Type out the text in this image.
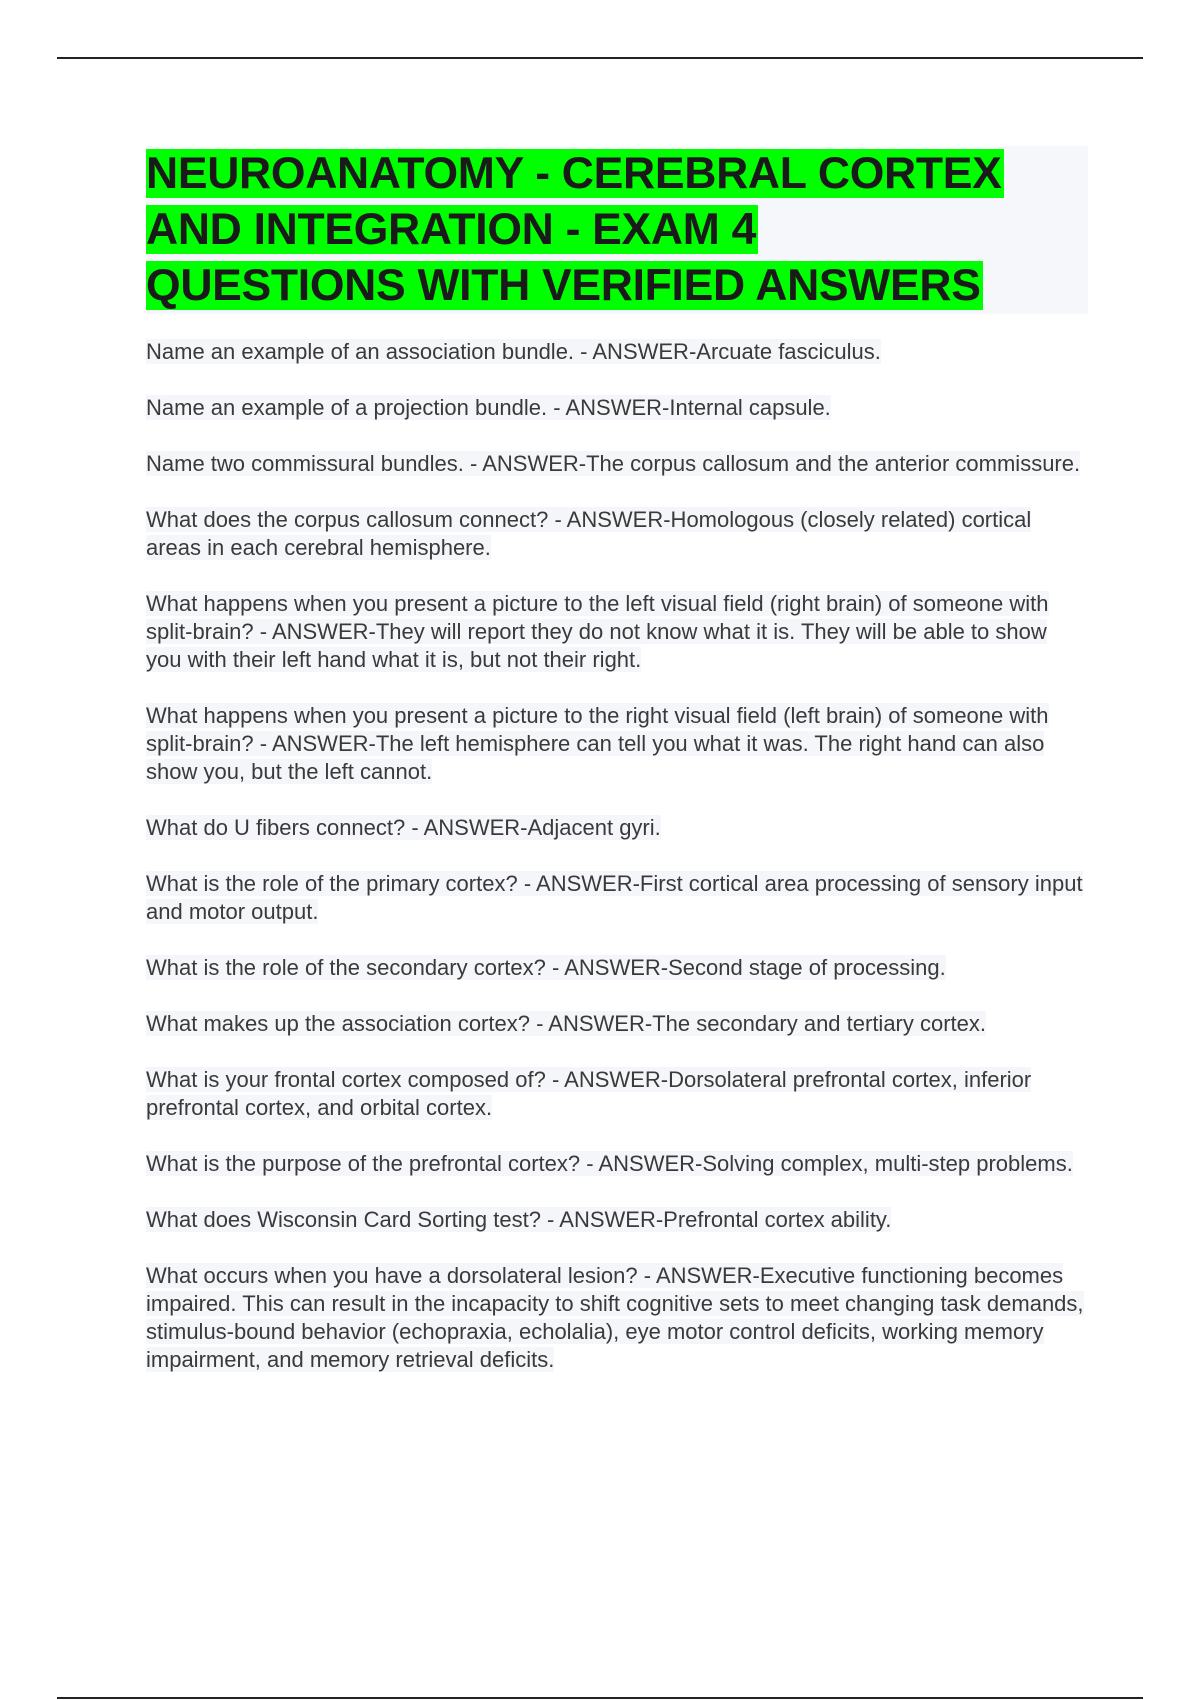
NEUROANATOMY - CEREBRAL CORTEX
AND INTEGRATION - EXAM 4
QUESTIONS WITH VERIFIED ANSWERS
Name an example of an association bundle. - ANSWER-Arcuate fasciculus.
Name an example of a projection bundle. - ANSWER-Internal capsule.
Name two commissural bundles. - ANSWER-The corpus callosum and the anterior commissure.
What does the corpus callosum connect? - ANSWER-Homologous (closely related) cortical areas in each cerebral hemisphere.
What happens when you present a picture to the left visual field (right brain) of someone with split-brain? - ANSWER-They will report they do not know what it is. They will be able to show you with their left hand what it is, but not their right.
What happens when you present a picture to the right visual field (left brain) of someone with split-brain? - ANSWER-The left hemisphere can tell you what it was. The right hand can also show you, but the left cannot.
What do U fibers connect? - ANSWER-Adjacent gyri.
What is the role of the primary cortex? - ANSWER-First cortical area processing of sensory input and motor output.
What is the role of the secondary cortex? - ANSWER-Second stage of processing.
What makes up the association cortex? - ANSWER-The secondary and tertiary cortex.
What is your frontal cortex composed of? - ANSWER-Dorsolateral prefrontal cortex, inferior prefrontal cortex, and orbital cortex.
What is the purpose of the prefrontal cortex? - ANSWER-Solving complex, multi-step problems.
What does Wisconsin Card Sorting test? - ANSWER-Prefrontal cortex ability.
What occurs when you have a dorsolateral lesion? - ANSWER-Executive functioning becomes impaired. This can result in the incapacity to shift cognitive sets to meet changing task demands, stimulus-bound behavior (echopraxia, echolalia), eye motor control deficits, working memory impairment, and memory retrieval deficits.
